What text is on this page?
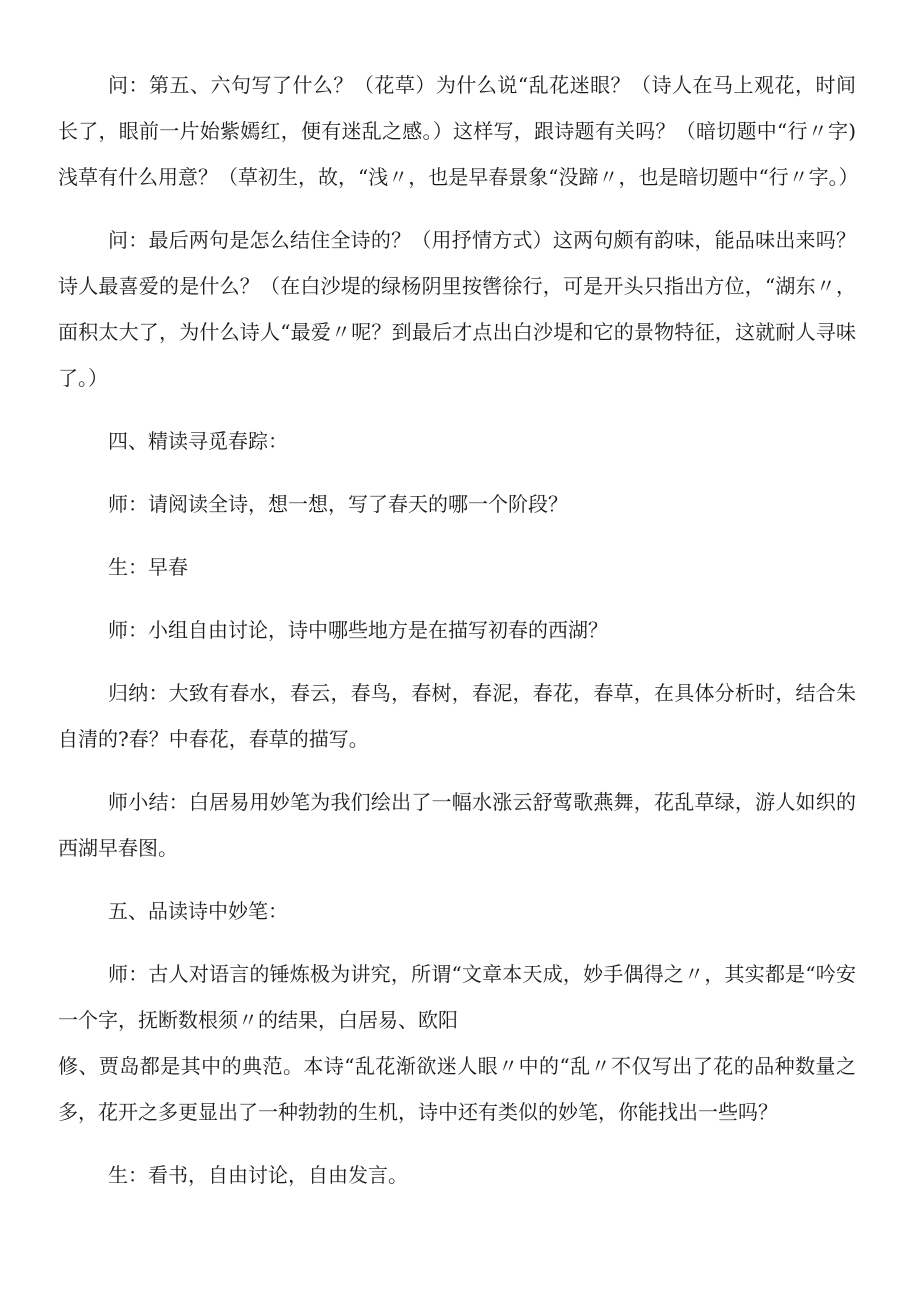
问：第五、六句写了什么？（花草）为什么说“乱花迷眼？（诗人在马上观花，时间长了，眼前一片始紫嫣红，便有迷乱之感。）这样写，跟诗题有关吗？（暗切题中“行〃字)浅草有什么用意？（草初生，故，“浅〃，也是早春景象“没蹄〃，也是暗切题中“行〃字。）

问：最后两句是怎么结住全诗的？（用抒情方式）这两句颇有韵味，能品味出来吗？诗人最喜爱的是什么？（在白沙堤的绿杨阴里按辔徐行，可是开头只指出方位，“湖东〃，面积太大了，为什么诗人“最爱〃呢？到最后才点出白沙堤和它的景物特征，这就耐人寻味了。）

四、精读寻觅春踪：

师：请阅读全诗，想一想，写了春天的哪一个阶段？

生：早春

师：小组自由讨论，诗中哪些地方是在描写初春的西湖？

归纳：大致有春水，春云，春鸟，春树，春泥，春花，春草，在具体分析时，结合朱自清的?春？中春花，春草的描写。

师小结：白居易用妙笔为我们绘出了一幅水涨云舒莺歌燕舞，花乱草绿，游人如织的西湖早春图。

五、品读诗中妙笔：

师：古人对语言的锤炼极为讲究，所谓“文章本天成，妙手偶得之〃，其实都是“吟安一个字，抚断数根须〃的结果，白居易、欧阳

修、贾岛都是其中的典范。本诗“乱花渐欲迷人眼〃中的“乱〃不仅写出了花的品种数量之多，花开之多更显出了一种勃勃的生机，诗中还有类似的妙笔，你能找出一些吗？

生：看书，自由讨论，自由发言。
